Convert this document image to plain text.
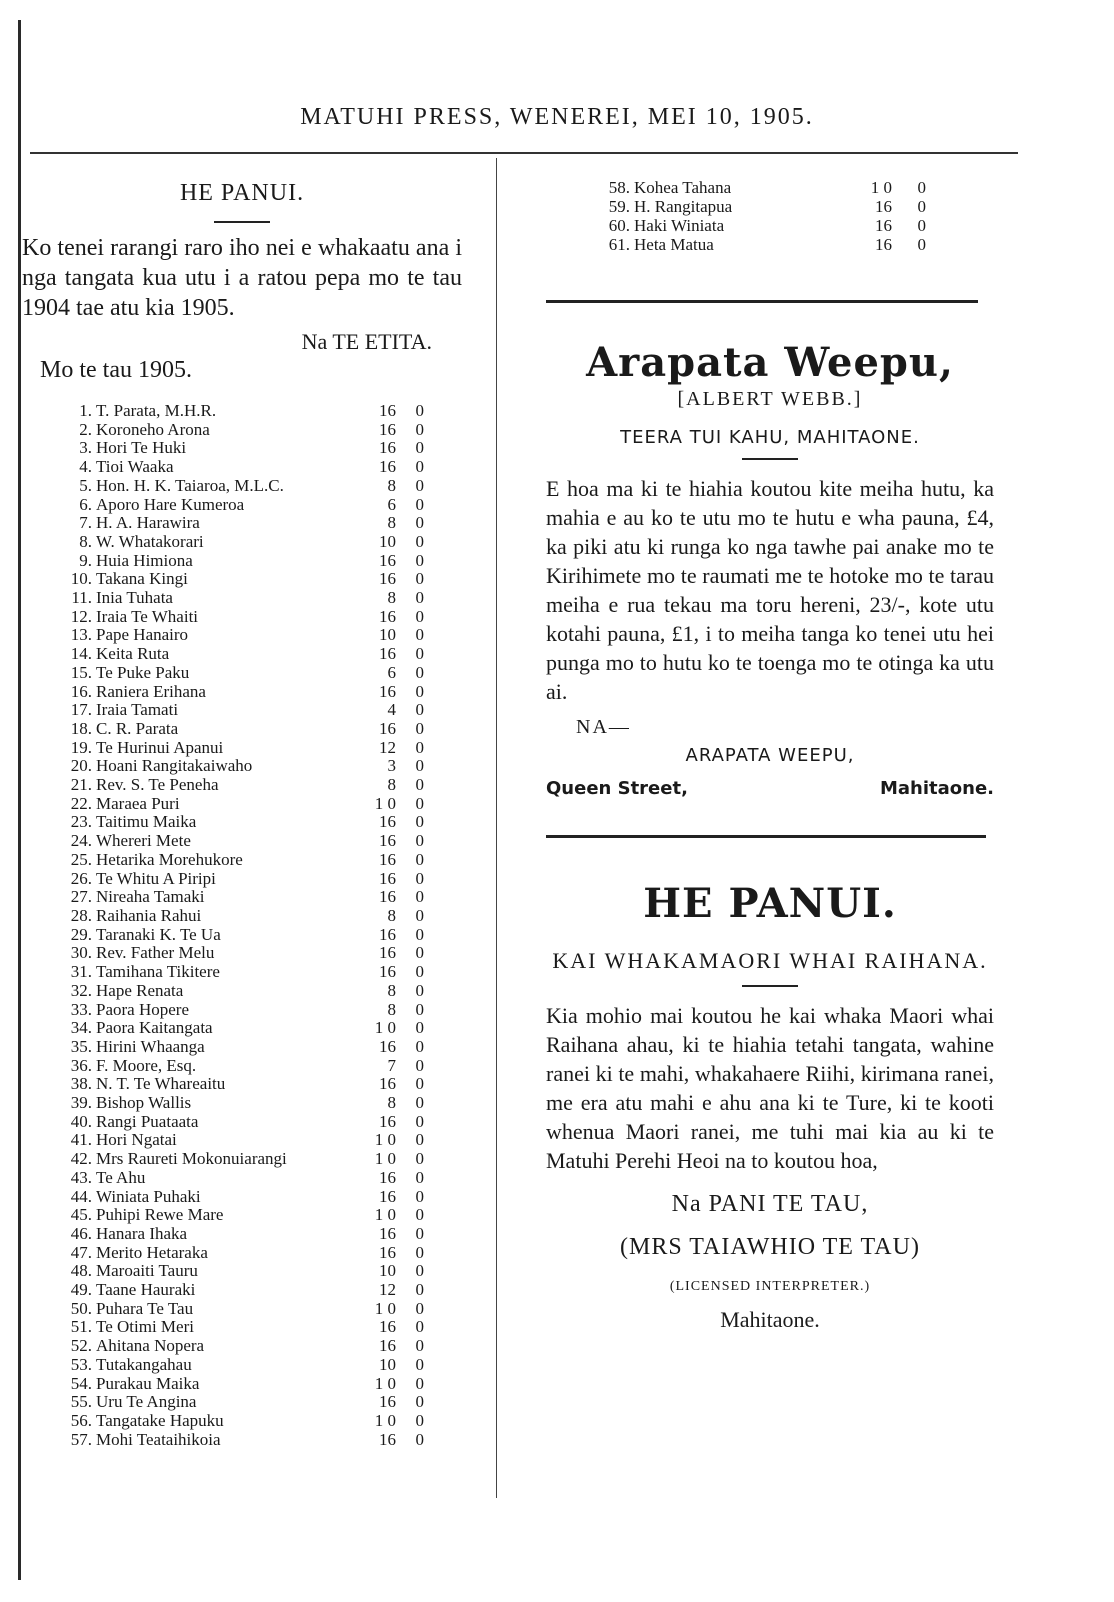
MATUHI PRESS, WENEREI, MEI 10, 1905.
HE PANUI.

Ko tenei rarangi raro iho nei e whakaatu ana i nga tangata kua utu i a ratou pepa mo te tau 1904 tae atu kia 1905.

Na TE ETITA.
Mo te tau 1905.
1. T. Parata, M.H.R.	16	0
2. Koroneho Arona	16	0
3. Hori Te Huki	16	0
4. Tioi Waaka	16	0
5. Hon. H. K. Taiaroa, M.L.C.	8	0
6. Aporo Hare Kumeroa	6	0
7. H. A. Harawira	8	0
8. W. Whatakorari	10	0
9. Huia Himiona	16	0
10. Takana Kingi	16	0
11. Inia Tuhata	8	0
12. Iraia Te Whaiti	16	0
13. Pape Hanairo	10	0
14. Keita Ruta	16	0
15. Te Puke Paku	6	0
16. Raniera Erihana	16	0
17. Iraia Tamati	4	0
18. C. R. Parata	16	0
19. Te Hurinui Apanui	12	0
20. Hoani Rangitakaiwaho	3	0
21. Rev. S. Te Peneha	8	0
22. Maraea Puri	1 0	0
23. Taitimu Maika	16	0
24. Whereri Mete	16	0
25. Hetarika Morehukore	16	0
26. Te Whitu A Piripi	16	0
27. Nireaha Tamaki	16	0
28. Raihania Rahui	8	0
29. Taranaki K. Te Ua	16	0
30. Rev. Father Melu	16	0
31. Tamihana Tikitere	16	0
32. Hape Renata	8	0
33. Paora Hopere	8	0
34. Paora Kaitangata	1 0	0
35. Hirini Whaanga	16	0
36. F. Moore, Esq.	7	0
38. N. T. Te Whareaitu	16	0
39. Bishop Wallis	8	0
40. Rangi Puataata	16	0
41. Hori Ngatai	1 0	0
42. Mrs Raureti Mokonuiarangi	1 0	0
43. Te Ahu	16	0
44. Winiata Puhaki	16	0
45. Puhipi Rewe Mare	1 0	0
46. Hanara Ihaka	16	0
47. Merito Hetaraka	16	0
48. Maroaiti Tauru	10	0
49. Taane Hauraki	12	0
50. Puhara Te Tau	1 0	0
51. Te Otimi Meri	16	0
52. Ahitana Nopera	16	0
53. Tutakangahau	10	0
54. Purakau Maika	1 0	0
55. Uru Te Angina	16	0
56. Tangatake Hapuku	1 0	0
57. Mohi Teataihikoia	16	0
58. Kohea Tahana	1 0	0
59. H. Rangitapua	16	0
60. Haki Winiata	16	0
61. Heta Matua	16	0
Arapata Weepu,
[ALBERT WEBB.]
TEERA TUI KAHU, MAHITAONE.

E hoa ma ki te hiahia koutou kite meiha hutu, ka mahia e au ko te utu mo te hutu e wha pauna, £4, ka piki atu ki runga ko nga tawhe pai anake mo te Kirihimete mo te raumati me te hotoke mo te tarau meiha e rua tekau ma toru hereni, 23/-, kote utu kotahi pauna, £1, i to meiha tanga ko tenei utu hei punga mo to hutu ko te toenga mo te otinga ka utu ai.

NA—
ARAPATA WEEPU,
Queen Street,	Mahitaone.
HE PANUI.
KAI WHAKAMAORI WHAI RAIHANA.

Kia mohio mai koutou he kai whaka Maori whai Raihana ahau, ki te hiahia tetahi tangata, wahine ranei ki te mahi, whakahaere Riihi, kirimana ranei, me era atu mahi e ahu ana ki te Ture, ki te kooti whenua Maori ranei, me tuhi mai kia au ki te Matuhi Perehi Heoi na to koutou hoa,

Na PANI TE TAU,
(MRS TAIAWHIO TE TAU)
(LICENSED INTERPRETER.)
Mahitaone.
